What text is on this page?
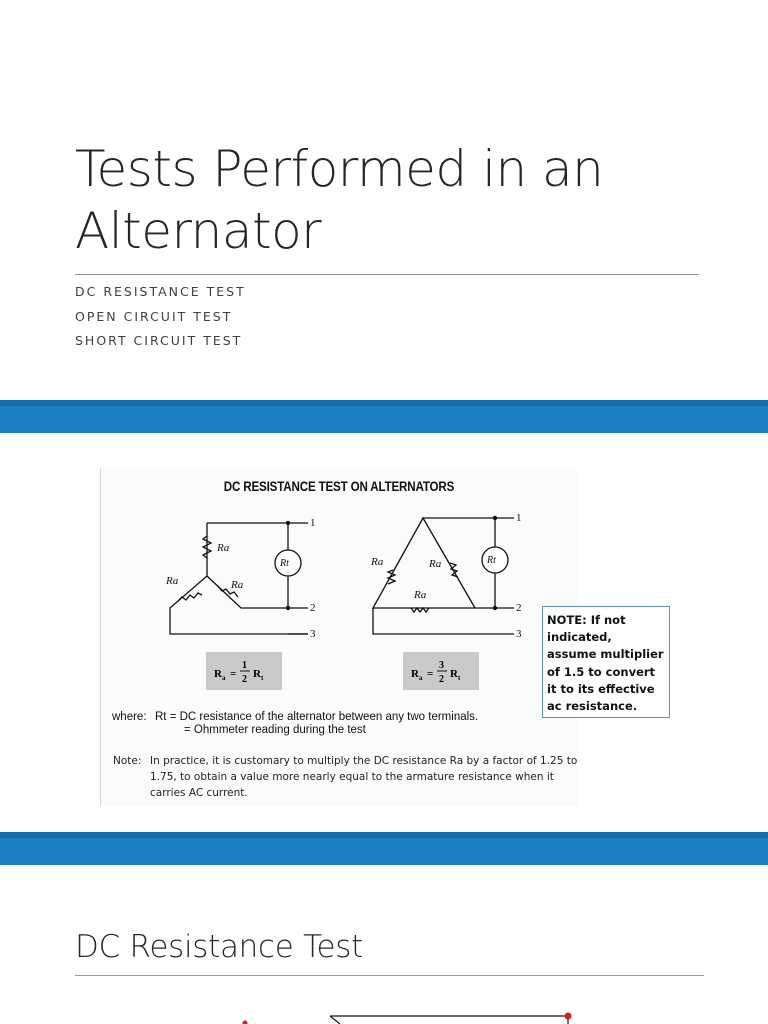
Tests Performed in an
Alternator
DC RESISTANCE TEST
OPEN CIRCUIT TEST
SHORT CIRCUIT TEST
DC RESISTANCE TEST ON ALTERNATORS
Ra
Ra	Ra
Rt
1
2
3
Ra	Ra
Ra
Rt
1
2
3
R a =
1
2 R t	R a =
3
2 R t
where: Rt = DC resistance of the alternator between any two terminals.
= Ohmmeter reading during the test
Note: In practice, it is customary to multiply the DC resistance Ra by a factor of 1.25 to 1.75, to obtain a value more nearly equal to the armature resistance when it carries AC current.
NOTE: If not indicated, assume multiplier of 1.5 to convert it to its effective ac resistance.
DC Resistance Test
